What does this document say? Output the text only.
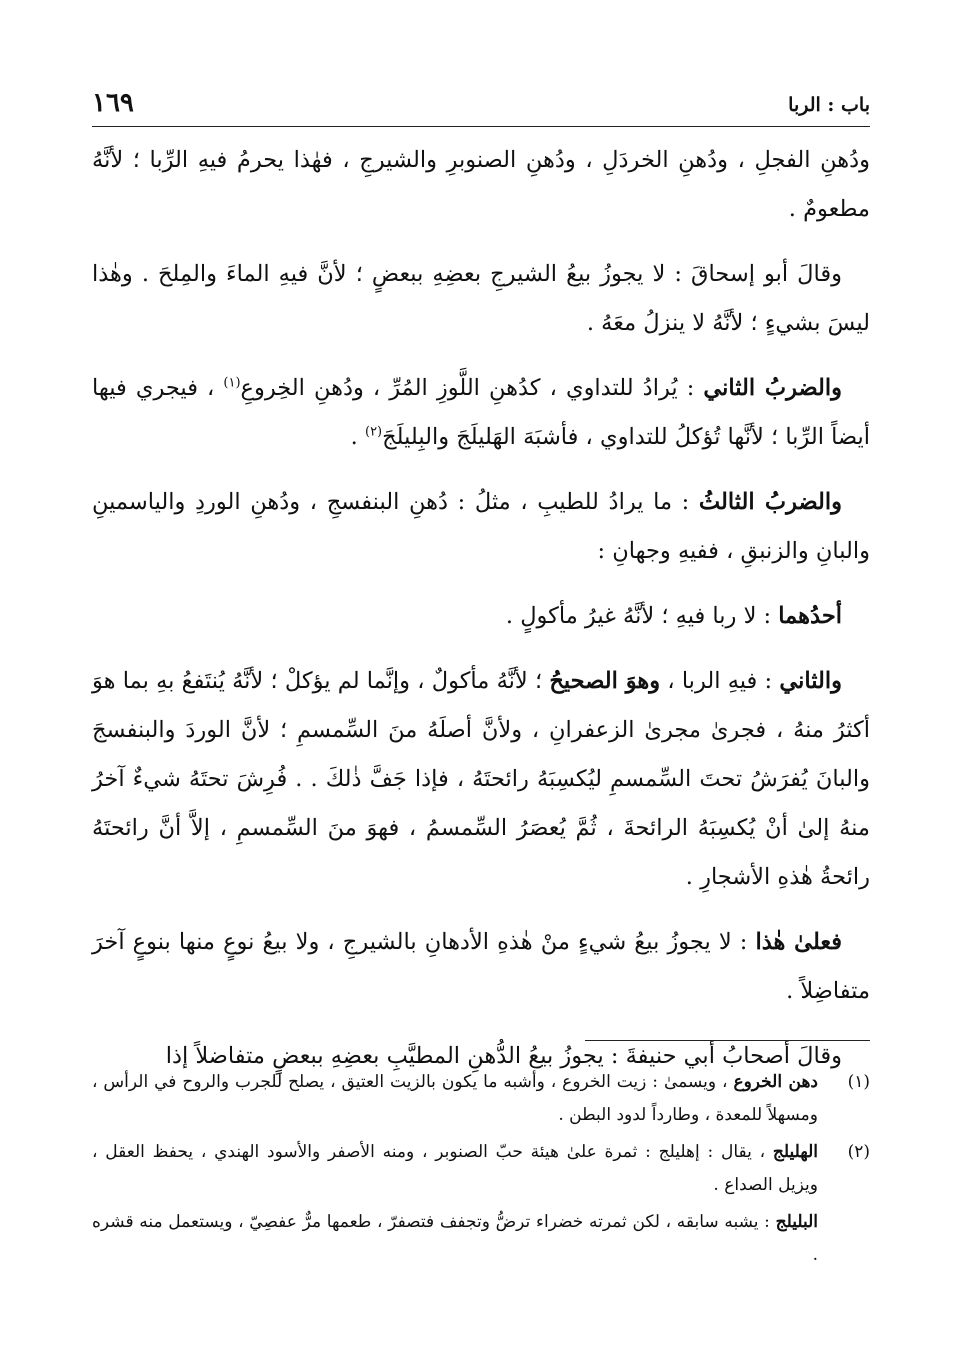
باب : الربا
١٦٩

ودُهنِ الفجلِ ، ودُهنِ الخردَلِ ، ودُهنِ الصنوبرِ والشيرجِ ، فهٰذا يحرمُ فيهِ الرِّبا ؛ لأنَّهُ مطعومٌ .

وقالَ أبو إسحاقَ : لا يجوزُ بيعُ الشيرجِ بعضِهِ ببعضٍ ؛ لأنَّ فيهِ الماءَ والمِلحَ . وهٰذا ليسَ بشيءٍ ؛ لأنَّهُ لا ينزلُ معَهُ .

والضربُ الثاني : يُرادُ للتداوي ، كدُهنِ اللَّوزِ المُرِّ ، ودُهنِ الخِروعِ$^{(١)}$ ، فيجري فيها أيضاً الرِّبا ؛ لأنَّها تُؤكلُ للتداوي ، فأشبَهَ الهَليلَجَ والبِليلَجَ$^{(٢)}$ .

والضربُ الثالثُ : ما يرادُ للطيبِ ، مثلُ : دُهنِ البنفسجِ ، ودُهنِ الوردِ والياسمينِ والبانِ والزنبقِ ، ففيهِ وجهانِ :

أحدُهما : لا ربا فيهِ ؛ لأنَّهُ غيرُ مأكولٍ .

والثاني : فيهِ الربا ، وهوَ الصحيحُ ؛ لأنَّهُ مأكولٌ ، وإنَّما لم يؤكلْ ؛ لأنَّهُ يُنتَفعُ بهِ بما هوَ أكثرُ منهُ ، فجرىٰ مجرىٰ الزعفرانِ ، ولأنَّ أصلَهُ منَ السِّمسمِ ؛ لأنَّ الوردَ والبنفسجَ والبانَ يُفرَشُ تحتَ السِّمسمِ ليُكسِبَهُ رائحتَهُ ، فإذا جَفَّ ذٰلكَ . . فُرِشَ تحتَهُ شيءٌ آخرُ منهُ إلىٰ أنْ يُكسِبَهُ الرائحةَ ، ثُمَّ يُعصَرُ السِّمسمُ ، فهوَ منَ السِّمسمِ ، إلاَّ أنَّ رائحتَهُ رائحةُ هٰذهِ الأشجارِ .

فعلىٰ هٰذا : لا يجوزُ بيعُ شيءٍ منْ هٰذهِ الأدهانِ بالشيرجِ ، ولا بيعُ نوعٍ منها بنوعٍ آخرَ متفاضِلاً .

وقالَ أصحابُ أبي حنيفةَ : يجوزُ بيعُ الدُّهنِ المطيَّبِ بعضِهِ ببعضٍ متفاضلاً إذا

(١)
دهن الخروع ، ويسمىٰ : زيت الخروع ، وأشبه ما يكون بالزيت العتيق ، يصلح للجرب والروح في الرأس ، ومسهلاً للمعدة ، وطارداً لدود البطن .

(٢)
الهليلج ، يقال : إهليلج : ثمرة علىٰ هيئة حبّ الصنوبر ، ومنه الأصفر والأسود الهندي ، يحفظ العقل ، ويزيل الصداع .

البليلج : يشبه سابقه ، لكن ثمرته خضراء ترضُّ وتجفف فتصفرّ ، طعمها مرٌّ عفصِيّ ، ويستعمل منه قشره .
